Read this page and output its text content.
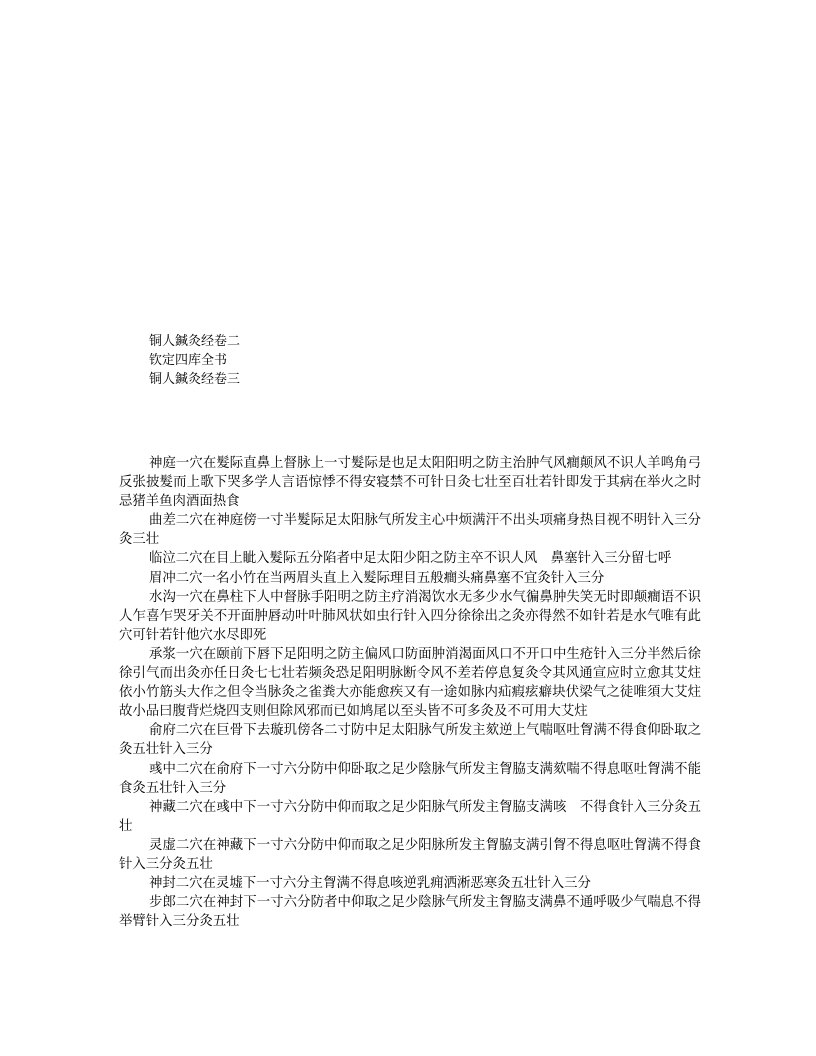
铜人鍼灸经卷二
钦定四库全书
铜人鍼灸经卷三

神庭一穴在髮际直鼻上督脉上一寸髮际是也足太阳阳明之防主治肿气风癎颠风不识人羊鸣角弓反张披髮而上歌下哭多学人言语惊悸不得安寝禁不可针日灸七壮至百壮若针即发于其病在举火之时忌猪羊鱼肉酒面热食

曲差二穴在神庭傍一寸半髮际足太阳脉气所发主心中烦满汗不出头项痛身热目视不明针入三分灸三壮

临泣二穴在目上眦入髮际五分陷者中足太阳少阳之防主卒不识人风　鼻塞针入三分留七呼

眉冲二穴一名小竹在当两眉头直上入髮际理目五般癎头痛鼻塞不宜灸针入三分

水沟一穴在鼻柱下人中督脉手阳明之防主疗消渴饮水无多少水气徧鼻肿失笑无时即颠癎语不识人乍喜乍哭牙关不开面肿唇动叶叶肺风状如虫行针入四分徐徐出之灸亦得然不如针若是水气唯有此穴可针若针他穴水尽即死

承浆一穴在颐前下唇下足阳明之防主偏风口防面肿消渴面风口不开口中生疮针入三分半然后徐徐引气而出灸亦任日灸七七壮若频灸恐足阳明脉断令风不差若停息复灸令其风通宣应时立愈其艾炷依小竹筋头大作之但令当脉灸之雀粪大亦能愈疾又有一途如脉内疝瘕痃癖块伏梁气之徒唯須大艾炷故小品曰腹背烂烧四支则但除风邪而已如鸠尾以至头皆不可多灸及不可用大艾炷

俞府二穴在巨骨下去璇玑傍各二寸防中足太阳脉气所发主欬逆上气喘呕吐胷满不得食仰卧取之灸五壮针入三分

彧中二穴在俞府下一寸六分防中仰卧取之足少陰脉气所发主胷脇支满欬喘不得息呕吐胷满不能食灸五壮针入三分

神藏二穴在彧中下一寸六分防中仰而取之足少阳脉气所发主胷脇支满咳　不得食针入三分灸五壮

灵虚二穴在神藏下一寸六分防中仰而取之足少阳脉所发主胷脇支满引胷不得息呕吐胷满不得食针入三分灸五壮

神封二穴在灵墟下一寸六分主胷满不得息咳逆乳痈洒淅恶寒灸五壮针入三分

步郎二穴在神封下一寸六分防者中仰取之足少陰脉气所发主胷脇支满鼻不通呼吸少气喘息不得举臂针入三分灸五壮
